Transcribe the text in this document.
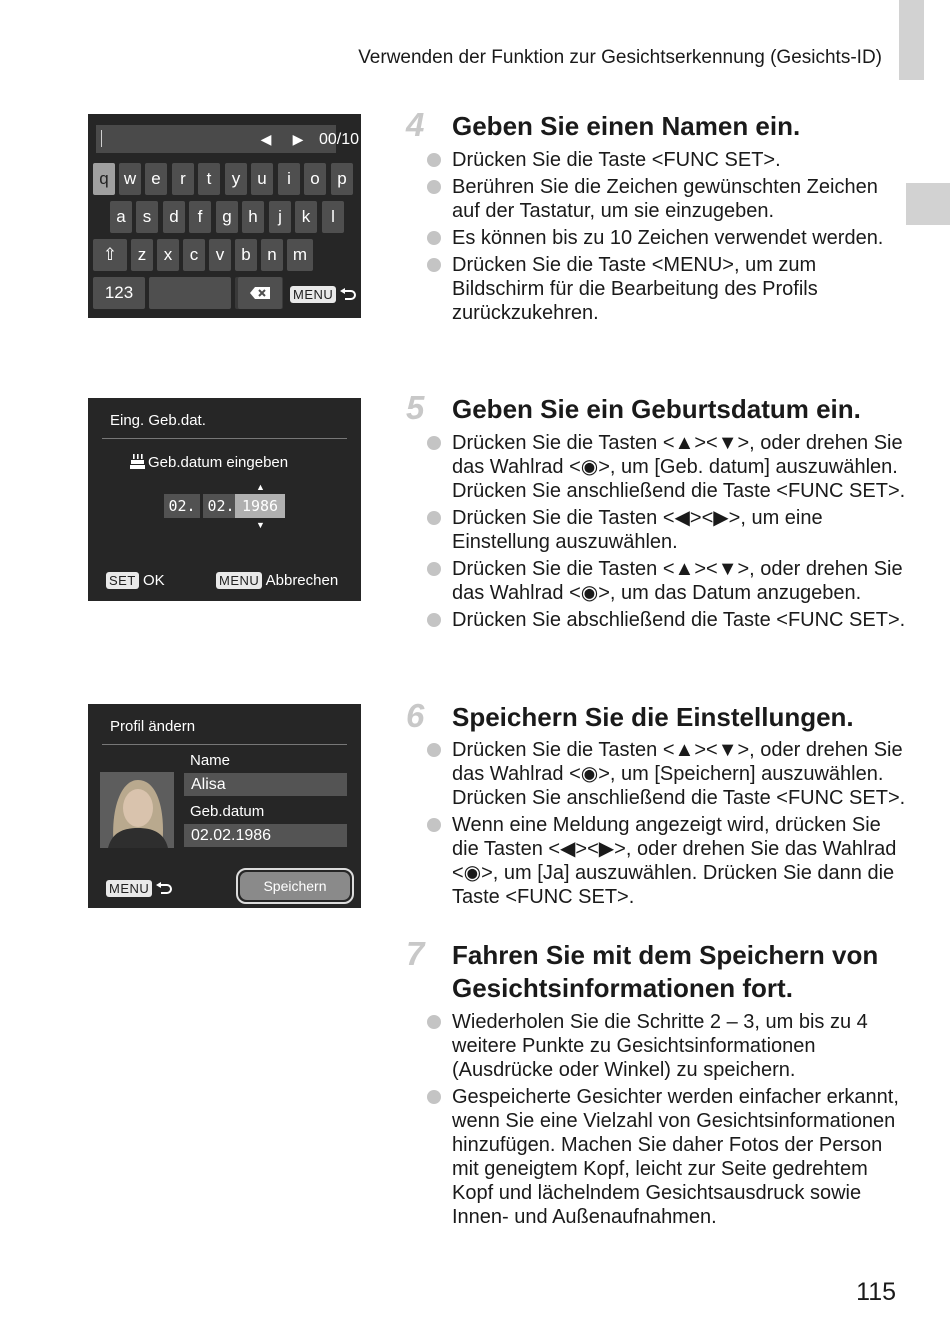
Verwenden der Funktion zur Gesichtserkennung (Gesichts-ID)
◀	▶ 00/10
q w e	r	t	y	u	i	o	p
a	s	d	f	g h	j	k	l
⇧	z	x	c	v	b n m
123	MENU
Eing. Geb.dat.
Geb.datum eingeben
▲
02. 02. 1986
▼
SET OK	MENU Abbrechen
Profil ändern
Name
Alisa
Geb.datum
02.02.1986
MENU	Speichern
4 Geben Sie einen Namen ein.
Drücken Sie die Taste <FUNC SET>.
Berühren Sie die Zeichen gewünschten Zeichen auf der Tastatur, um sie einzugeben.
Es können bis zu 10 Zeichen verwendet werden.
Drücken Sie die Taste <MENU>, um zum Bildschirm für die Bearbeitung des Profils zurückzukehren.
5 Geben Sie ein Geburtsdatum ein.
Drücken Sie die Tasten <▲><▼>, oder drehen Sie das Wahlrad <◉>, um [Geb. datum] auszuwählen. Drücken Sie anschließend die Taste <FUNC SET>.
Drücken Sie die Tasten <◀><▶>, um eine Einstellung auszuwählen.
Drücken Sie die Tasten <▲><▼>, oder drehen Sie das Wahlrad <◉>, um das Datum anzugeben.
Drücken Sie abschließend die Taste <FUNC SET>.
6 Speichern Sie die Einstellungen.
Drücken Sie die Tasten <▲><▼>, oder drehen Sie das Wahlrad <◉>, um [Speichern] auszuwählen. Drücken Sie anschließend die Taste <FUNC SET>.
Wenn eine Meldung angezeigt wird, drücken Sie die Tasten <◀><▶>, oder drehen Sie das Wahlrad <◉>, um [Ja] auszuwählen. Drücken Sie dann die Taste <FUNC SET>.
7 Fahren Sie mit dem Speichern von Gesichtsinformationen fort.
Wiederholen Sie die Schritte 2 – 3, um bis zu 4 weitere Punkte zu Gesichtsinformationen (Ausdrücke oder Winkel) zu speichern.
Gespeicherte Gesichter werden einfacher erkannt, wenn Sie eine Vielzahl von Gesichtsinformationen hinzufügen. Machen Sie daher Fotos der Person mit geneigtem Kopf, leicht zur Seite gedrehtem Kopf und lächelndem Gesichtsausdruck sowie Innen- und Außenaufnahmen.
115
